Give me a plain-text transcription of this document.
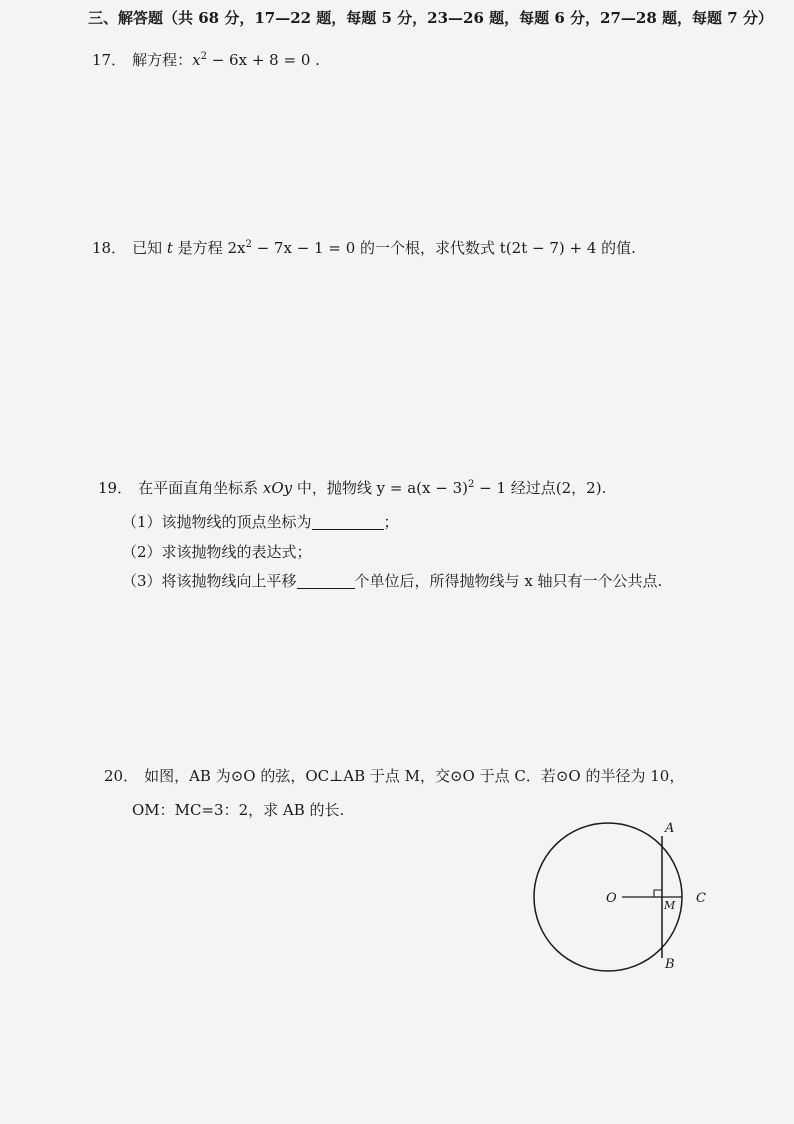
三、解答题（共 68 分，17—22 题，每题 5 分，23—26 题，每题 6 分，27—28 题，每题 7 分）
17． 解方程：$x^2 - 6x + 8 = 0$ .
18． 已知 t 是方程 $2x^2 - 7x - 1 = 0$ 的一个根，求代数式 t(2t − 7) + 4 的值.
19． 在平面直角坐标系 xOy 中，抛物线 $y = a(x - 3)^2 - 1$ 经过点(2，2).
（1）该抛物线的顶点坐标为	；
（2）求该抛物线的表达式；
（3）将该抛物线向上平移	个单位后，所得抛物线与 x 轴只有一个公共点.
20． 如图，AB 为⊙O 的弦，OC⊥AB 于点 M，交⊙O 于点 C．若⊙O 的半径为 10，
OM：MC=3：2，求 AB 的长.
A
B
C
O	M
